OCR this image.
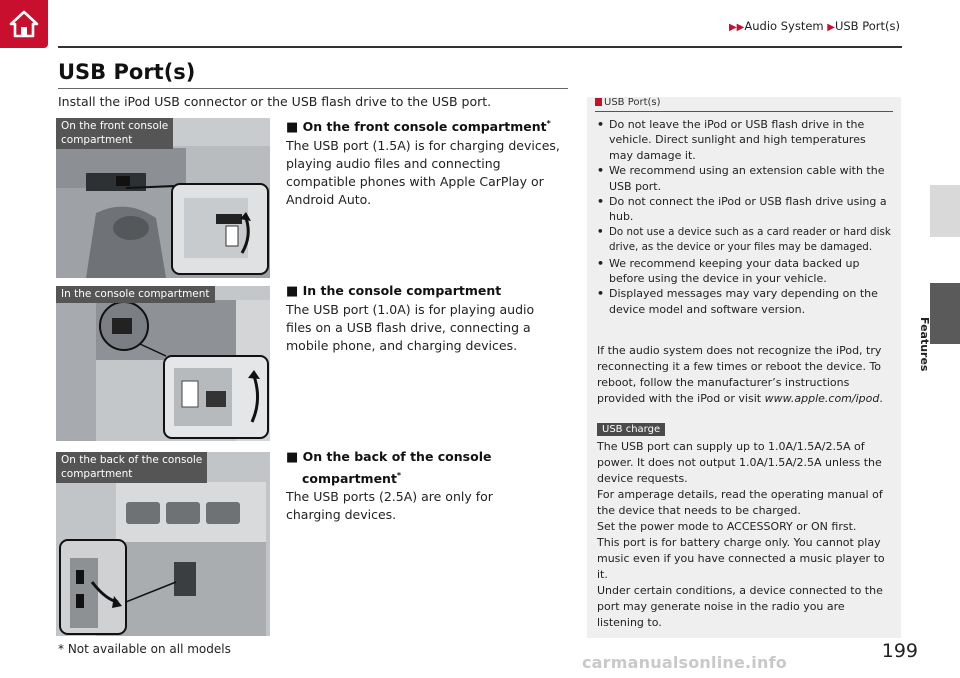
▶▶Audio System ▶USB Port(s)
Features
USB Port(s)
Install the iPod USB connector or the USB flash drive to the USB port.
On the front console
compartment
In the console compartment
On the back of the console
compartment
■ On the front console compartment*

The USB port (1.5A) is for charging devices, playing audio files and connecting compatible phones with Apple CarPlay or Android Auto.

■ In the console compartment

The USB port (1.0A) is for playing audio files on a USB flash drive, connecting a mobile phone, and charging devices.

■ On the back of the console
compartment*

The USB ports (2.5A) are only for charging devices.

USB Port(s)
• Do not leave the iPod or USB flash drive in the vehicle. Direct sunlight and high temperatures may damage it.
• We recommend using an extension cable with the USB port.
• Do not connect the iPod or USB flash drive using a hub.
• Do not use a device such as a card reader or hard disk drive, as the device or your files may be damaged.
• We recommend keeping your data backed up before using the device in your vehicle.
• Displayed messages may vary depending on the device model and software version.
If the audio system does not recognize the iPod, try reconnecting it a few times or reboot the device. To reboot, follow the manufacturer’s instructions provided with the iPod or visit www.apple.com/ipod.
USB charge
The USB port can supply up to 1.0A/1.5A/2.5A of power. It does not output 1.0A/1.5A/2.5A unless the device requests.
For amperage details, read the operating manual of the device that needs to be charged.
Set the power mode to ACCESSORY or ON first.
This port is for battery charge only. You cannot play music even if you have connected a music player to it.
Under certain conditions, a device connected to the port may generate noise in the radio you are listening to.
* Not available on all models	199
carmanualsonline.info
